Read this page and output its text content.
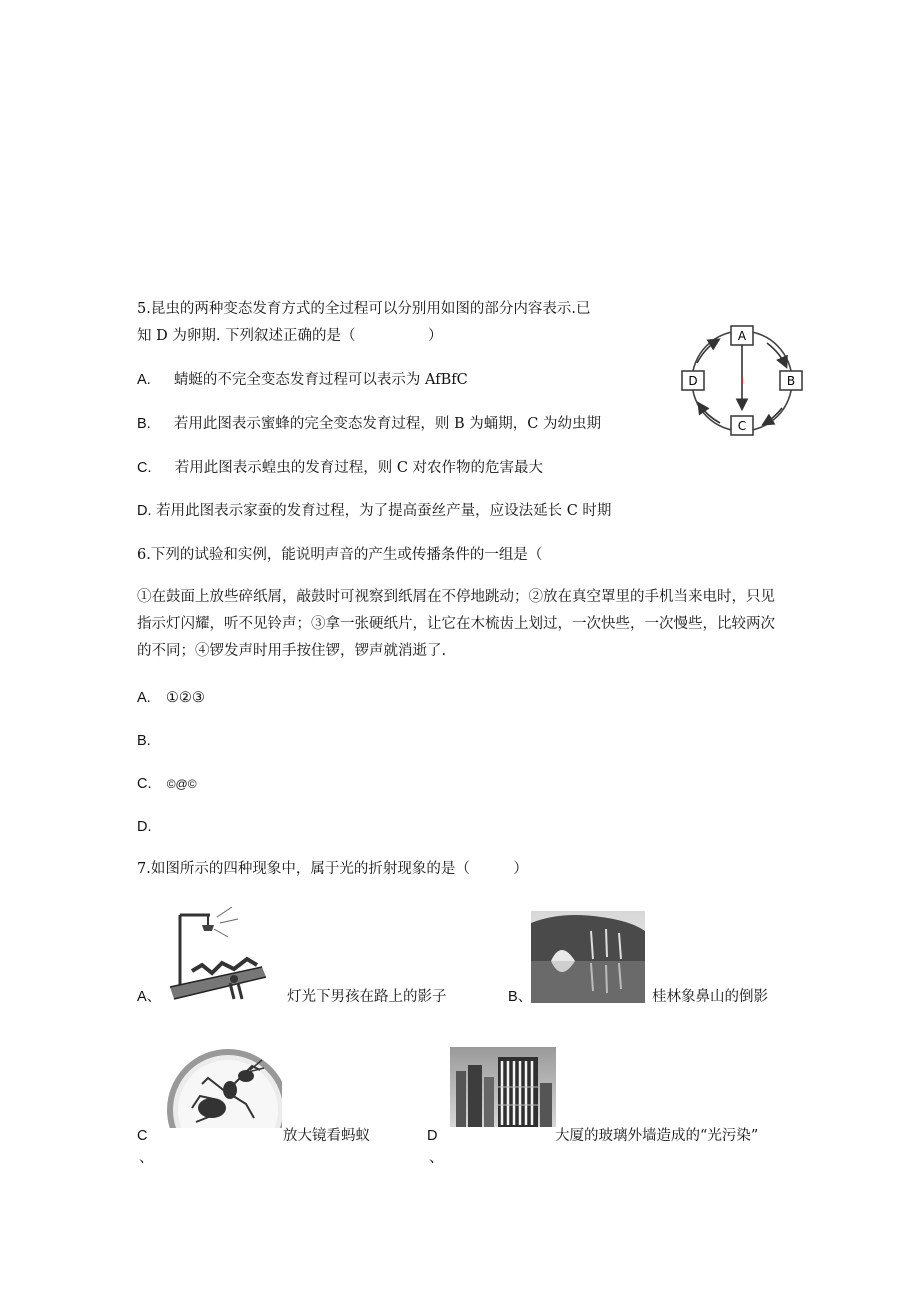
5.昆虫的两种变态发育方式的全过程可以分别用如图的部分内容表示.已
知 D 为卵期. 下列叙述正确的是（　　　　　）
A. 蜻蜓的不完全变态发育过程可以表示为 AfBfC
B. 若用此图表示蜜蜂的完全变态发育过程，则 B 为蛹期，C 为幼虫期
C. 若用此图表示蝗虫的发育过程，则 C 对农作物的危害最大
D. 若用此图表示家蚕的发育过程，为了提高蚕丝产量，应设法延长 C 时期
A
B
C
D
6.下列的试验和实例，能说明声音的产生或传播条件的一组是（
①在鼓面上放些碎纸屑，敲鼓时可视察到纸屑在不停地跳动；②放在真空罩里的手机当来电时，只见
指示灯闪耀，听不见铃声；③拿一张硬纸片，让它在木梳齿上划过，一次快些，一次慢些，比较两次
的不同；④锣发声时用手按住锣，锣声就消逝了.
A. ①②③
B.
C. ©@©
D.
7.如图所示的四种现象中，属于光的折射现象的是（　　　）
A、	灯光下男孩在路上的影子	B、	桂林象鼻山的倒影
C
、
放大镜看蚂蚁	D
、
大厦的玻璃外墙造成的“光污染”
